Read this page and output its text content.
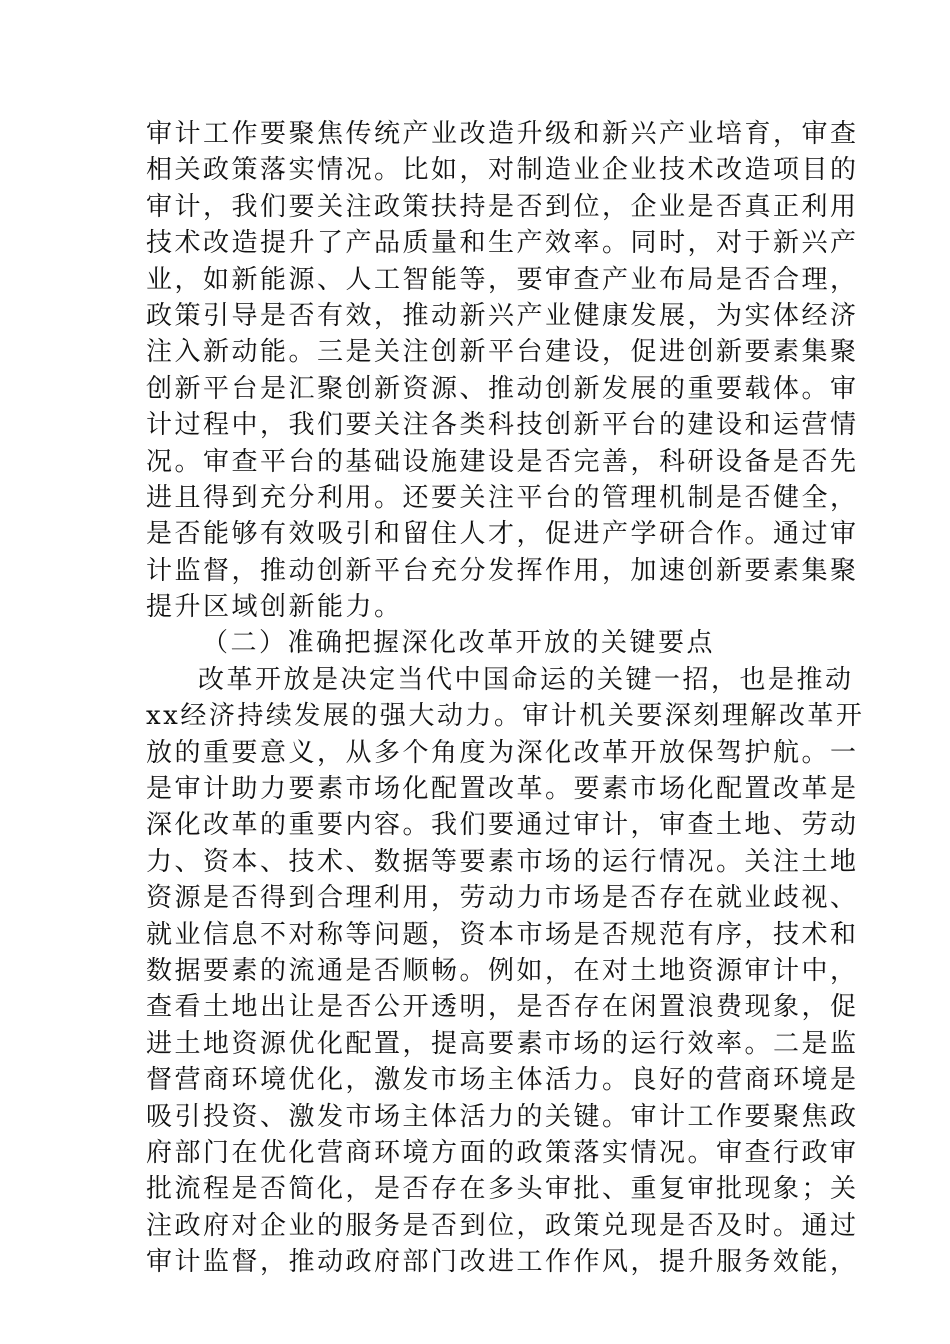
审计工作要聚焦传统产业改造升级和新兴产业培育，审查
相关政策落实情况。比如，对制造业企业技术改造项目的
审计，我们要关注政策扶持是否到位，企业是否真正利用
技术改造提升了产品质量和生产效率。同时，对于新兴产
业，如新能源、人工智能等，要审查产业布局是否合理，
政策引导是否有效，推动新兴产业健康发展，为实体经济
注入新动能。三是关注创新平台建设，促进创新要素集聚
创新平台是汇聚创新资源、推动创新发展的重要载体。审
计过程中，我们要关注各类科技创新平台的建设和运营情
况。审查平台的基础设施建设是否完善，科研设备是否先
进且得到充分利用。还要关注平台的管理机制是否健全，
是否能够有效吸引和留住人才，促进产学研合作。通过审
计监督，推动创新平台充分发挥作用，加速创新要素集聚
提升区域创新能力。
（二）准确把握深化改革开放的关键要点
改革开放是决定当代中国命运的关键一招，也是推动
xx经济持续发展的强大动力。审计机关要深刻理解改革开
放的重要意义，从多个角度为深化改革开放保驾护航。一
是审计助力要素市场化配置改革。要素市场化配置改革是
深化改革的重要内容。我们要通过审计，审查土地、劳动
力、资本、技术、数据等要素市场的运行情况。关注土地
资源是否得到合理利用，劳动力市场是否存在就业歧视、
就业信息不对称等问题，资本市场是否规范有序，技术和
数据要素的流通是否顺畅。例如，在对土地资源审计中，
查看土地出让是否公开透明，是否存在闲置浪费现象，促
进土地资源优化配置，提高要素市场的运行效率。二是监
督营商环境优化，激发市场主体活力。良好的营商环境是
吸引投资、激发市场主体活力的关键。审计工作要聚焦政
府部门在优化营商环境方面的政策落实情况。审查行政审
批流程是否简化，是否存在多头审批、重复审批现象；关
注政府对企业的服务是否到位，政策兑现是否及时。通过
审计监督，推动政府部门改进工作作风，提升服务效能，
